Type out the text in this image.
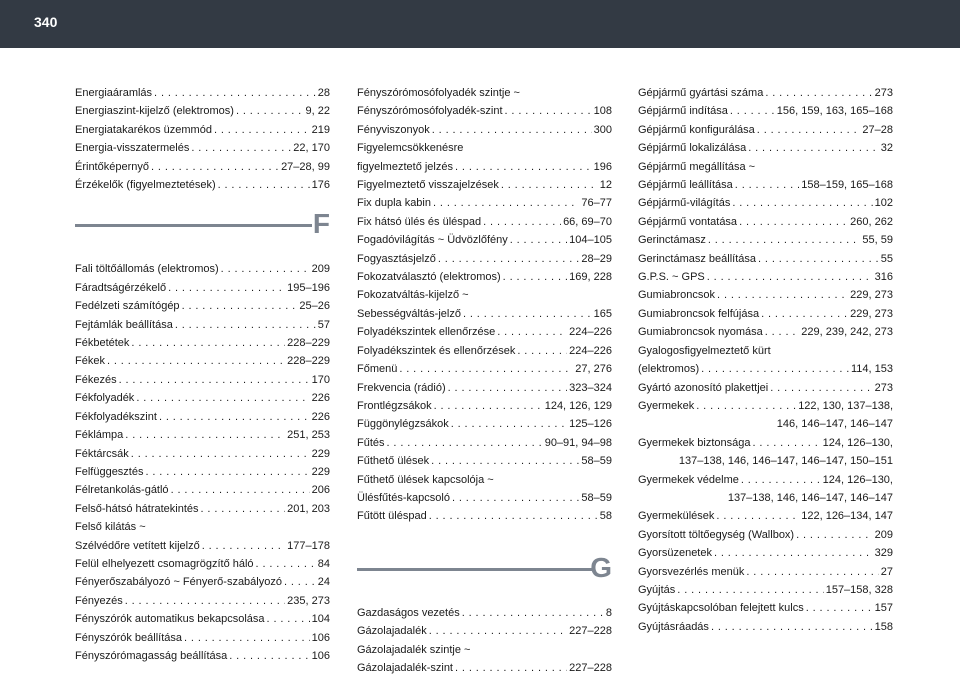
340
Energiaáramlás . . .	28
Energiaszint-kijelző (elektromos) . . .	9, 22
Energiatakarékos üzemmód . . .	219
Energia-visszatermelés . . .	22, 170
Érintőképernyő . . .	27–28, 99
Érzékelők (figyelmeztetések) . . .	176
F
Fali töltőállomás (elektromos) . . .	209
Fáradtságérzékelő . . .	195–196
Fedélzeti számítógép . . .	25–26
Fejtámlák beállítása . . .	57
Fékbetétek . . .	228–229
Fékek . . .	228–229
Fékezés . . .	170
Fékfolyadék . . .	226
Fékfolyadékszint . . .	226
Féklámpa . . .	251, 253
Féktárcsák . . .	229
Felfüggesztés . . .	229
Félretankolás-gátló . . .	206
Felső-hátsó hátratekintés . . .	201, 203
Felső kilátás ~
Szélvédőre vetített kijelző . . .	177–178
Felül elhelyezett csomagrögzítő háló . . .	84
Fényerőszabályozó ~ Fényerő-szabályozó . . .	24
Fényezés . . .	235, 273
Fényszórók automatikus bekapcsolása . . .	104
Fényszórók beállítása . . .	106
Fényszórómagasság beállítása . . .	106
Fényszórómosófolyadék szintje ~
Fényszórómosófolyadék-szint . . .	108
Fényviszonyok . . .	300
Figyelemcsökkenésre
figyelmeztető jelzés . . .	196
Figyelmeztető visszajelzések . . .	12
Fix dupla kabin . . .	76–77
Fix hátsó ülés és üléspad . . .	66, 69–70
Fogadóvilágítás ~ Üdvözlőfény . . .	104–105
Fogyasztásjelző . . .	28–29
Fokozatválasztó (elektromos) . . .	169, 228
Fokozatváltás-kijelző ~
Sebességváltás-jelző . . .	165
Folyadékszintek ellenőrzése . . .	224–226
Folyadékszintek és ellenőrzések . . .	224–226
Főmenü . . .	27, 276
Frekvencia (rádió) . . .	323–324
Frontlégzsákok . . .	124, 126, 129
Függönylégzsákok . . .	125–126
Fűtés . . .	90–91, 94–98
Fűthető ülések . . .	58–59
Fűthető ülések kapcsolója ~
Ülésfűtés-kapcsoló . . .	58–59
Fűtött üléspad . . .	58
G
Gazdaságos vezetés . . .	8
Gázolajadalék . . .	227–228
Gázolajadalék szintje ~
Gázolajadalék-szint . . .	227–228
Gépjármű gyártási száma . . .	273
Gépjármű indítása . . .	156, 159, 163, 165–168
Gépjármű konfigurálása . . .	27–28
Gépjármű lokalizálása . . .	32
Gépjármű megállítása ~
Gépjármű leállítása . . .	158–159, 165–168
Gépjármű-világítás . . .	102
Gépjármű vontatása . . .	260, 262
Gerinctámasz . . .	55, 59
Gerinctámasz beállítása . . .	55
G.P.S. ~ GPS . . .	316
Gumiabroncsok . . .	229, 273
Gumiabroncsok felfújása . . .	229, 273
Gumiabroncsok nyomása . . .	229, 239, 242, 273
Gyalogosfigyelmeztető kürt
(elektromos) . . .	114, 153
Gyártó azonosító plakettjei . . .	273
Gyermekek . . .	122, 130, 137–138,
146, 146–147, 146–147
Gyermekek biztonsága . . .	124, 126–130,
137–138, 146, 146–147, 146–147, 150–151
Gyermekek védelme . . .	124, 126–130,
137–138, 146, 146–147, 146–147
Gyermekülések . . .	122, 126–134, 147
Gyorsított töltőegység (Wallbox) . . .	209
Gyorsüzenetek . . .	329
Gyorsvezérlés menük . . .	27
Gyújtás . . .	157–158, 328
Gyújtáskapcsolóban felejtett kulcs . . .	157
Gyújtásráadás . . .	158
